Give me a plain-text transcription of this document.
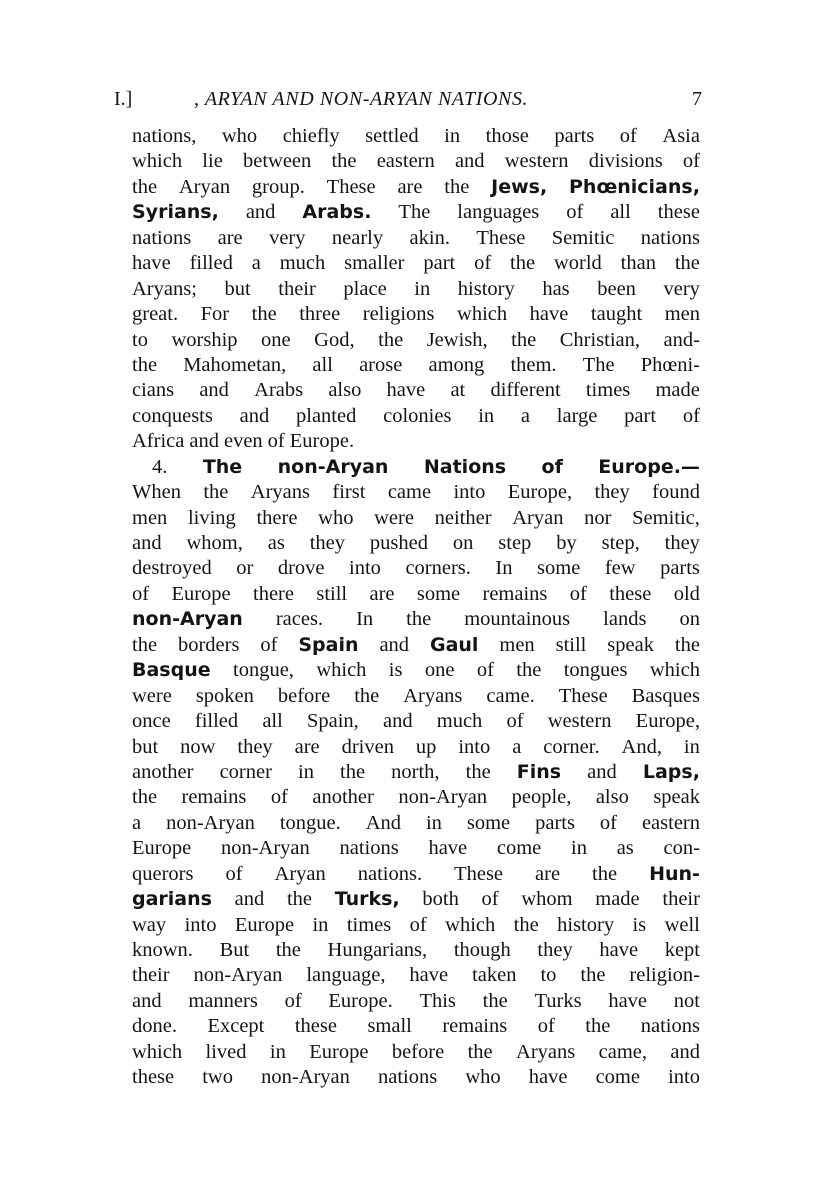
I.]	, ARYAN AND NON-ARYAN NATIONS.	7
nations, who chiefly settled in those parts of Asia
which lie between the eastern and western divisions of
the Aryan group. These are the Jews, Phœnicians,
Syrians, and Arabs. The languages of all these
nations are very nearly akin. These Semitic nations
have filled a much smaller part of the world than the
Aryans; but their place in history has been very
great. For the three religions which have taught men
to worship one God, the Jewish, the Christian, and-
the Mahometan, all arose among them. The Phœni-
cians and Arabs also have at different times made
conquests and planted colonies in a large part of
Africa and even of Europe.
4. The non-Aryan Nations of Europe.—
When the Aryans first came into Europe, they found
men living there who were neither Aryan nor Semitic,
and whom, as they pushed on step by step, they
destroyed or drove into corners. In some few parts
of Europe there still are some remains of these old
non-Aryan races. In the mountainous lands on
the borders of Spain and Gaul men still speak the
Basque tongue, which is one of the tongues which
were spoken before the Aryans came. These Basques
once filled all Spain, and much of western Europe,
but now they are driven up into a corner. And, in
another corner in the north, the Fins and Laps,
the remains of another non-Aryan people, also speak
a non-Aryan tongue. And in some parts of eastern
Europe non-Aryan nations have come in as con-
querors of Aryan nations. These are the Hun-
garians and the Turks, both of whom made their
way into Europe in times of which the history is well
known. But the Hungarians, though they have kept
their non-Aryan language, have taken to the religion-
and manners of Europe. This the Turks have not
done. Except these small remains of the nations
which lived in Europe before the Aryans came, and
these two non-Aryan nations who have come into
